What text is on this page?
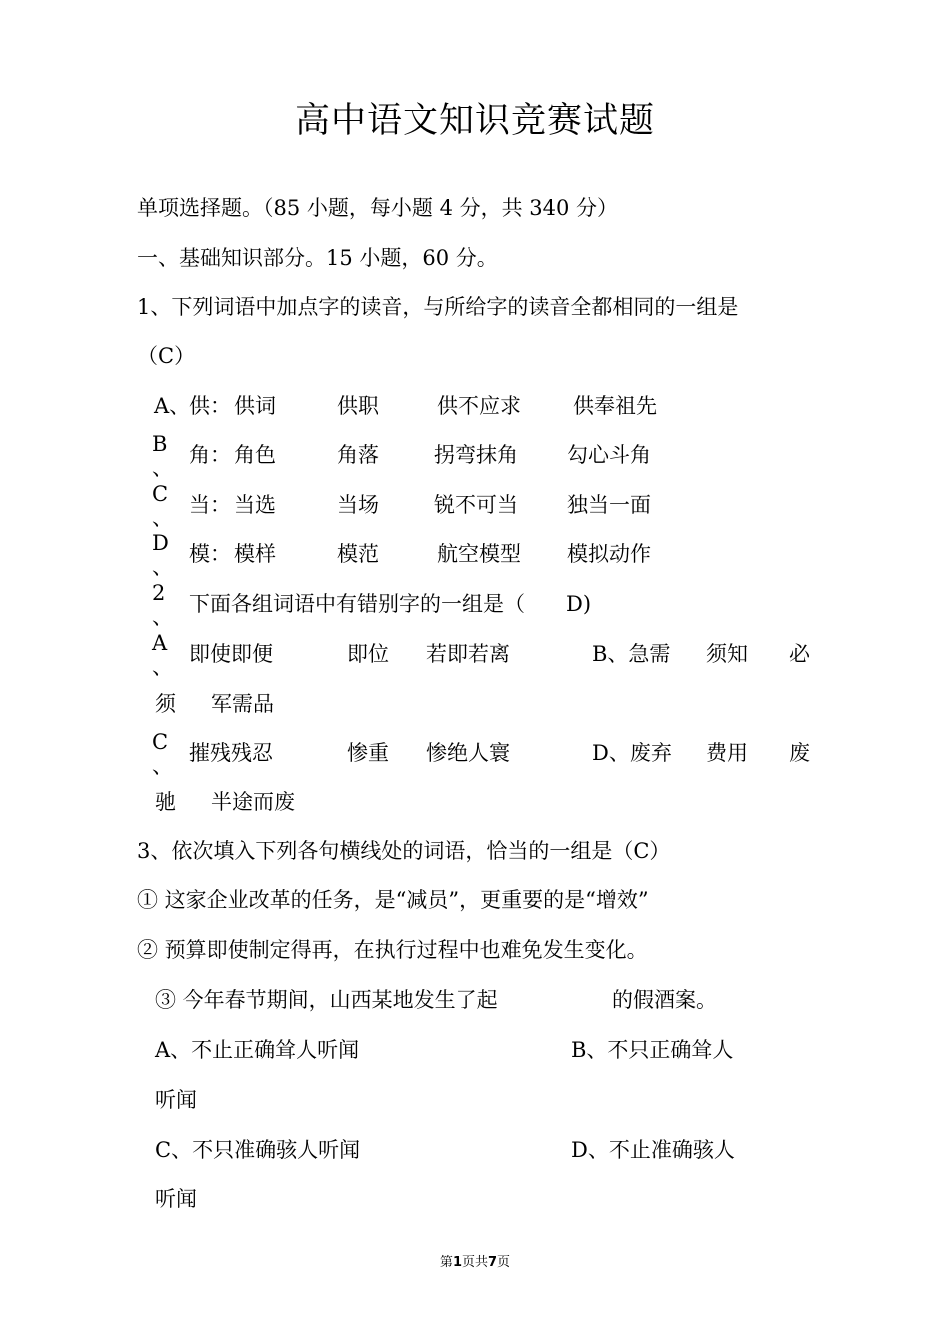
高中语文知识竞赛试题
单项选择题。（85 小题，每小题 4 分，共 340 分）
一、基础知识部分。15 小题，60 分。
1、下列词语中加点字的读音，与所给字的读音全都相同的一组是
（C）
A、
供： 供词	供职	供不应求 供奉祖先
角： 角色	角落	拐弯抹角 勾心斗角
当： 当选	当场	锐不可当 独当一面
模： 模样	模范	航空模型 模拟动作
B
、
C
、
D
、
2
、
A
、
C
、
下面各组词语中有错别字的一组是（ D)
即使即便	即位 若即若离	B、急需 须知 必
须 军需品
摧残残忍	惨重 惨绝人寰	D、废弃 费用 废
驰 半途而废
3、依次填入下列各句横线处的词语，恰当的一组是（C）
① 这家企业改革的任务，是“减员”，更重要的是“增效”
② 预算即使制定得再，在执行过程中也难免发生变化。
③ 今年春节期间，山西某地发生了起	的假酒案。
A、不止正确耸人听闻	B、不只正确耸人
听闻
C、不只准确骇人听闻	D、不止准确骇人
听闻
第1页共7页
